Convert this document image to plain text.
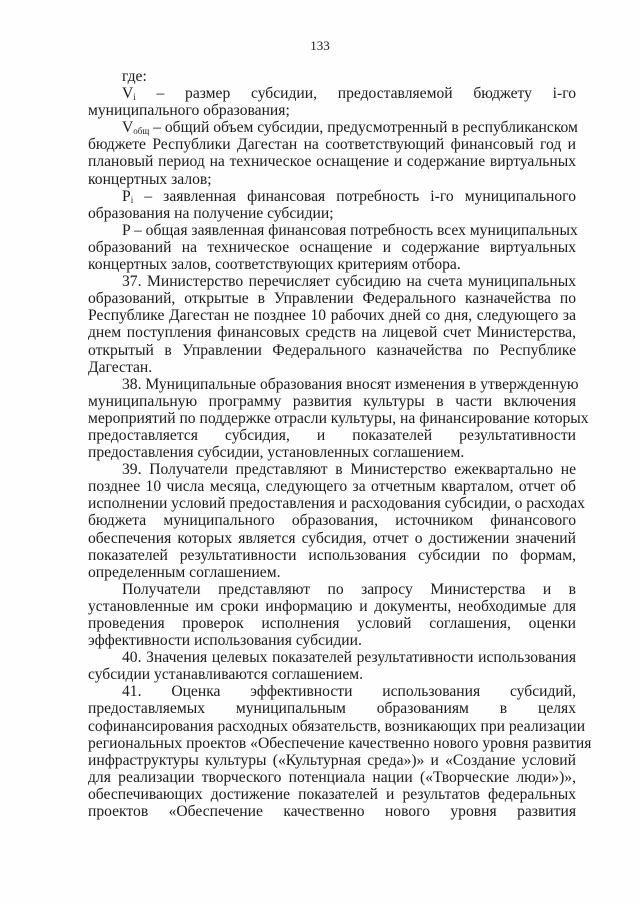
133
где:
$V_i$ – размер субсидии, предоставляемой бюджету i-го
муниципального образования;
$V_{общ}$ – общий объем субсидии, предусмотренный в республиканском
бюджете Республики Дагестан на соответствующий финансовый год и
плановый период на техническое оснащение и содержание виртуальных
концертных залов;
$P_i$ – заявленная финансовая потребность i-го муниципального
образования на получение субсидии;
P – общая заявленная финансовая потребность всех муниципальных
образований на техническое оснащение и содержание виртуальных
концертных залов, соответствующих критериям отбора.
37. Министерство перечисляет субсидию на счета муниципальных
образований, открытые в Управлении Федерального казначейства по
Республике Дагестан не позднее 10 рабочих дней со дня, следующего за
днем поступления финансовых средств на лицевой счет Министерства,
открытый в Управлении Федерального казначейства по Республике
Дагестан.
38. Муниципальные образования вносят изменения в утвержденную
муниципальную программу развития культуры в части включения
мероприятий по поддержке отрасли культуры, на финансирование которых
предоставляется субсидия, и показателей результативности
предоставления субсидии, установленных соглашением.
39. Получатели представляют в Министерство ежеквартально не
позднее 10 числа месяца, следующего за отчетным кварталом, отчет об
исполнении условий предоставления и расходования субсидии, о расходах
бюджета муниципального образования, источником финансового
обеспечения которых является субсидия, отчет о достижении значений
показателей результативности использования субсидии по формам,
определенным соглашением.
Получатели представляют по запросу Министерства и в
установленные им сроки информацию и документы, необходимые для
проведения проверок исполнения условий соглашения, оценки
эффективности использования субсидии.
40. Значения целевых показателей результативности использования
субсидии устанавливаются соглашением.
41. Оценка эффективности использования субсидий,
предоставляемых муниципальным образованиям в целях
софинансирования расходных обязательств, возникающих при реализации
региональных проектов «Обеспечение качественно нового уровня развития
инфраструктуры культуры («Культурная среда»)» и «Создание условий
для реализации творческого потенциала нации («Творческие люди»)»,
обеспечивающих достижение показателей и результатов федеральных
проектов «Обеспечение качественно нового уровня развития
